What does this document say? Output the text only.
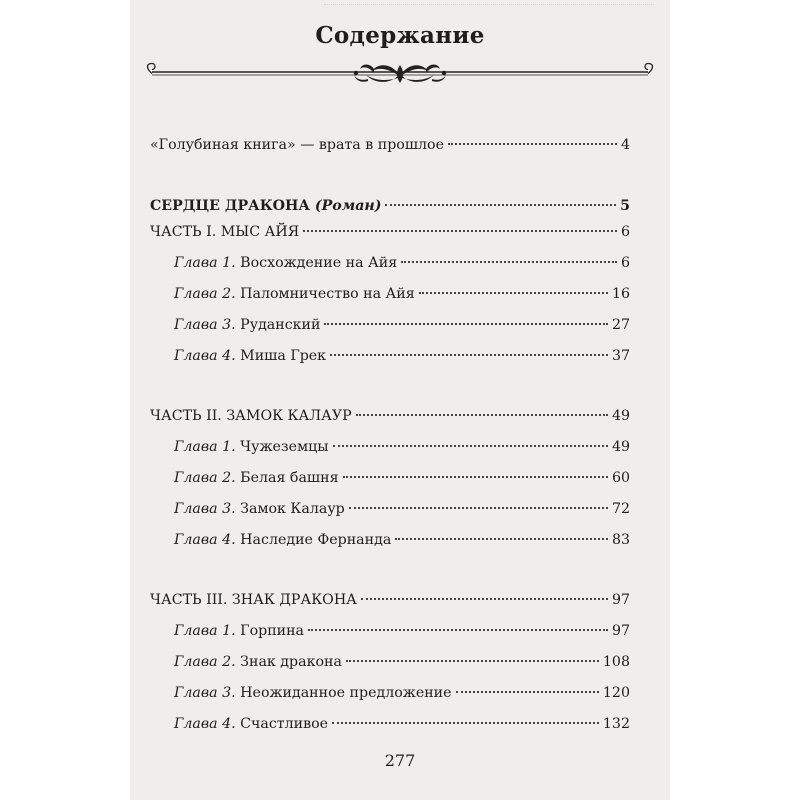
Содержание
«Голубиная книга» — врата в прошлое	4
СЕРДЦЕ ДРАКОНА (Роман)	5
ЧАСТЬ I. МЫС АЙЯ	6
Глава 1. Восхождение на Айя	6
Глава 2. Паломничество на Айя	16
Глава 3. Руданский	27
Глава 4. Миша Грек	37
ЧАСТЬ II. ЗАМОК КАЛАУР	49
Глава 1. Чужеземцы	49
Глава 2. Белая башня	60
Глава 3. Замок Калаур	72
Глава 4. Наследие Фернанда	83
ЧАСТЬ III. ЗНАК ДРАКОНА	97
Глава 1. Горпина	97
Глава 2. Знак дракона	108
Глава 3. Неожиданное предложение	120
Глава 4. Счастливое	132
277
